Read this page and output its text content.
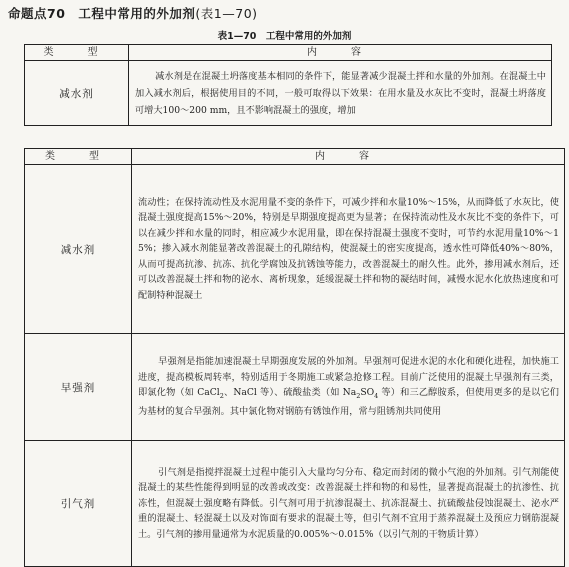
命题点70　工程中常用的外加剂(表1—70)
表1—70　工程中常用的外加剂
类　型	内　容
减水剂	减水剂是在混凝土坍落度基本相同的条件下，能显著减少混凝土拌和水量的外加剂。在混凝土中加入减水剂后，根据使用目的不同，一般可取得以下效果：在用水量及水灰比不变时，混凝土坍落度可增大100～200 mm，且不影响混凝土的强度，增加
类　型	内　容
减水剂	流动性；在保持流动性及水泥用量不变的条件下，可减少拌和水量10%～15%，从而降低了水灰比，使混凝土强度提高15%～20%，特别是早期强度提高更为显著；在保持流动性及水灰比不变的条件下，可以在减少拌和水量的同时，相应减少水泥用量，即在保持混凝土强度不变时，可节约水泥用量10%～15%；掺入减水剂能显著改善混凝土的孔隙结构，使混凝土的密实度提高，透水性可降低40%～80%，从而可提高抗渗、抗冻、抗化学腐蚀及抗锈蚀等能力，改善混凝土的耐久性。此外，掺用减水剂后，还可以改善混凝土拌和物的泌水、离析现象，延缓混凝土拌和物的凝结时间，减慢水泥水化放热速度和可配制特种混凝土
早强剂	早强剂是指能加速混凝土早期强度发展的外加剂。早强剂可促进水泥的水化和硬化进程，加快施工进度，提高模板周转率，特别适用于冬期施工或紧急抢修工程。目前广泛使用的混凝土早强剂有三类，即氯化物（如 CaCl$_2$、NaCl 等）、硫酸盐类（如 $Na_2SO_4$ 等）和三乙醇胺系，但使用更多的是以它们为基材的复合早强剂。其中氯化物对钢筋有锈蚀作用，常与阻锈剂共同使用
引气剂	引气剂是指搅拌混凝土过程中能引入大量均匀分布、稳定而封闭的微小气泡的外加剂。引气剂能使混凝土的某些性能得到明显的改善或改变：改善混凝土拌和物的和易性，显著提高混凝土的抗渗性、抗冻性，但混凝土强度略有降低。引气剂可用于抗渗混凝土、抗冻混凝土、抗硫酸盐侵蚀混凝土、泌水严重的混凝土、轻混凝土以及对饰面有要求的混凝土等，但引气剂不宜用于蒸养混凝土及预应力钢筋混凝土。引气剂的掺用量通常为水泥质量的0.005%～0.015%（以引气剂的干物质计算）
